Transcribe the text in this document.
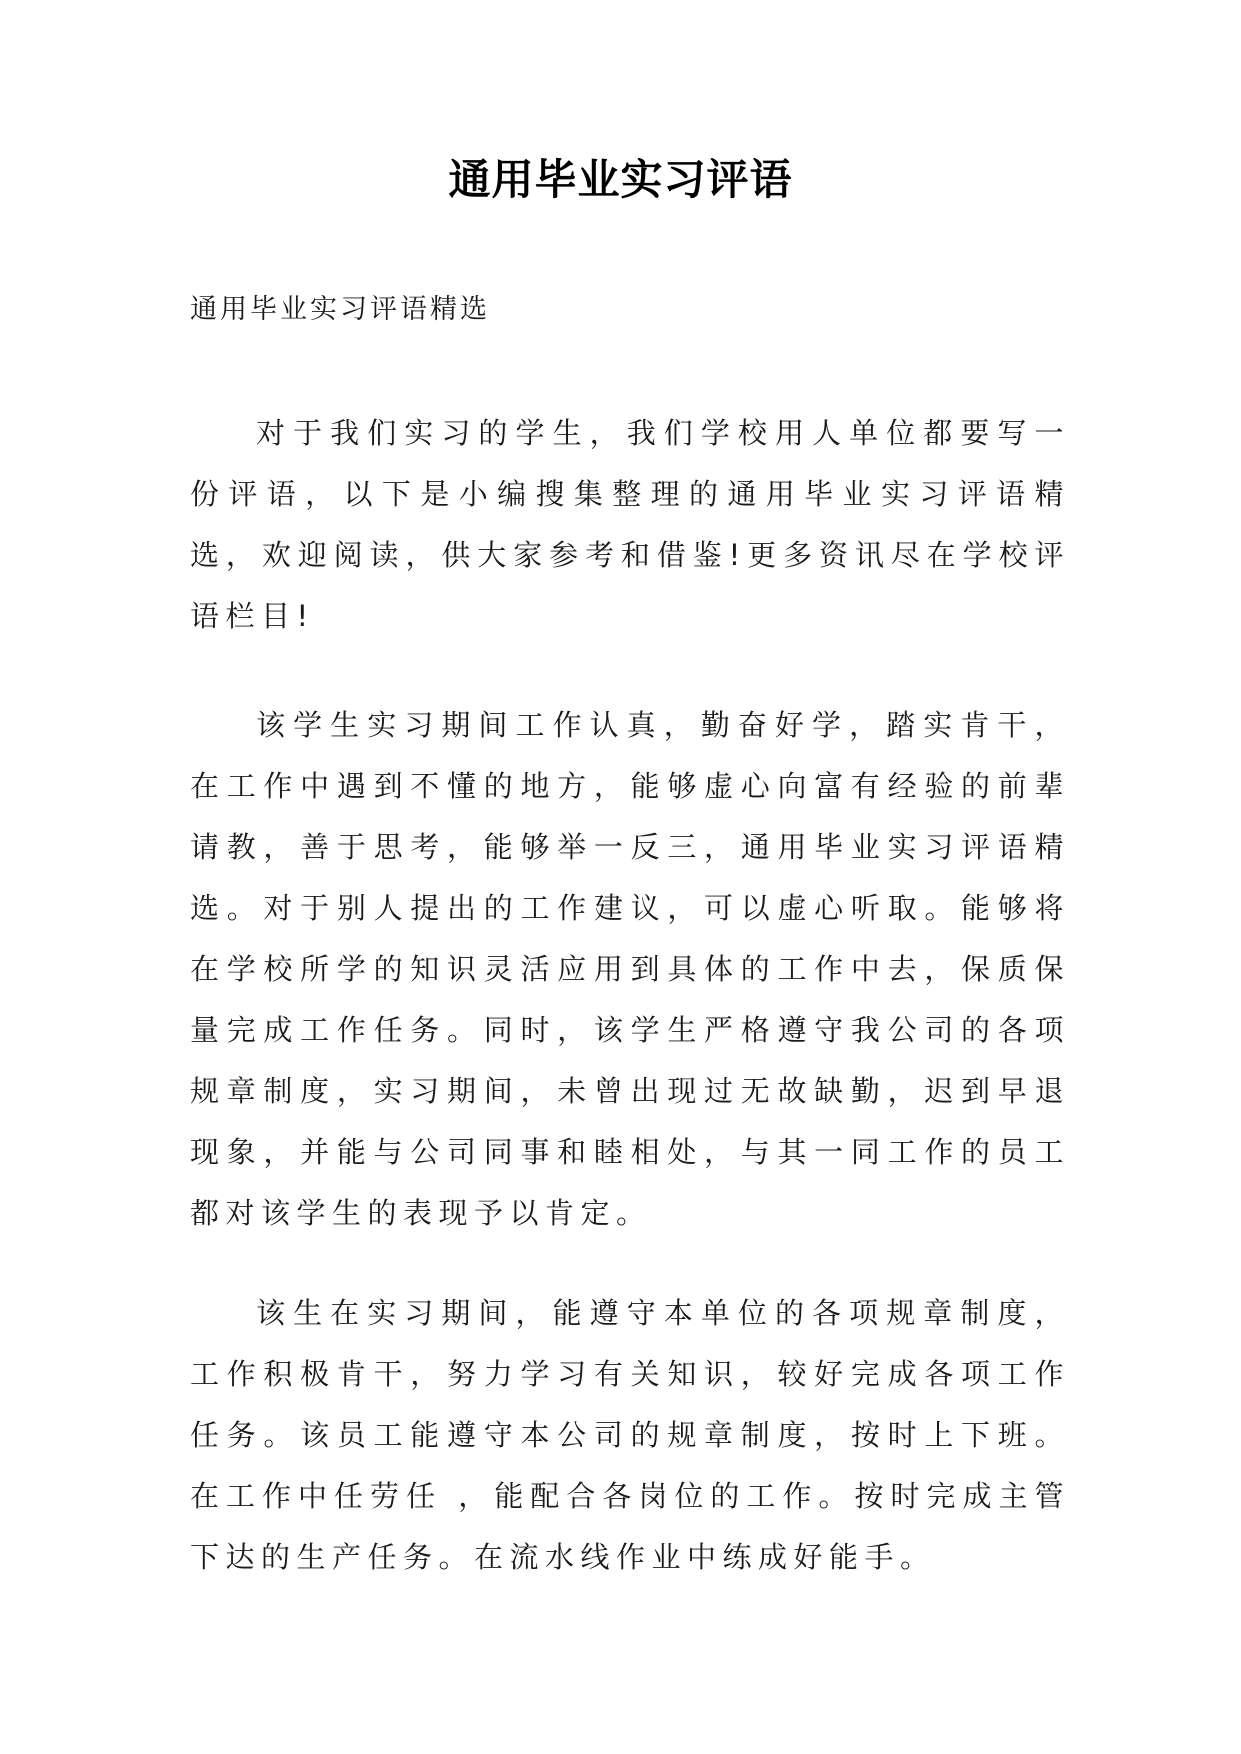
通用毕业实习评语

通用毕业实习评语精选

对于我们实习的学生，我们学校用人单位都要写一份评语，以下是小编搜集整理的通用毕业实习评语精选，欢迎阅读，供大家参考和借鉴!更多资讯尽在学校评语栏目!

该学生实习期间工作认真，勤奋好学，踏实肯干，在工作中遇到不懂的地方，能够虚心向富有经验的前辈请教，善于思考，能够举一反三，通用毕业实习评语精选。对于别人提出的工作建议，可以虚心听取。能够将在学校所学的知识灵活应用到具体的工作中去，保质保量完成工作任务。同时，该学生严格遵守我公司的各项规章制度，实习期间，未曾出现过无故缺勤，迟到早退现象，并能与公司同事和睦相处，与其一同工作的员工都对该学生的表现予以肯定。

该生在实习期间，能遵守本单位的各项规章制度，工作积极肯干，努力学习有关知识，较好完成各项工作任务。该员工能遵守本公司的规章制度，按时上下班。在工作中任劳任 ，能配合各岗位的工作。按时完成主管下达的生产任务。在流水线作业中练成好能手。
